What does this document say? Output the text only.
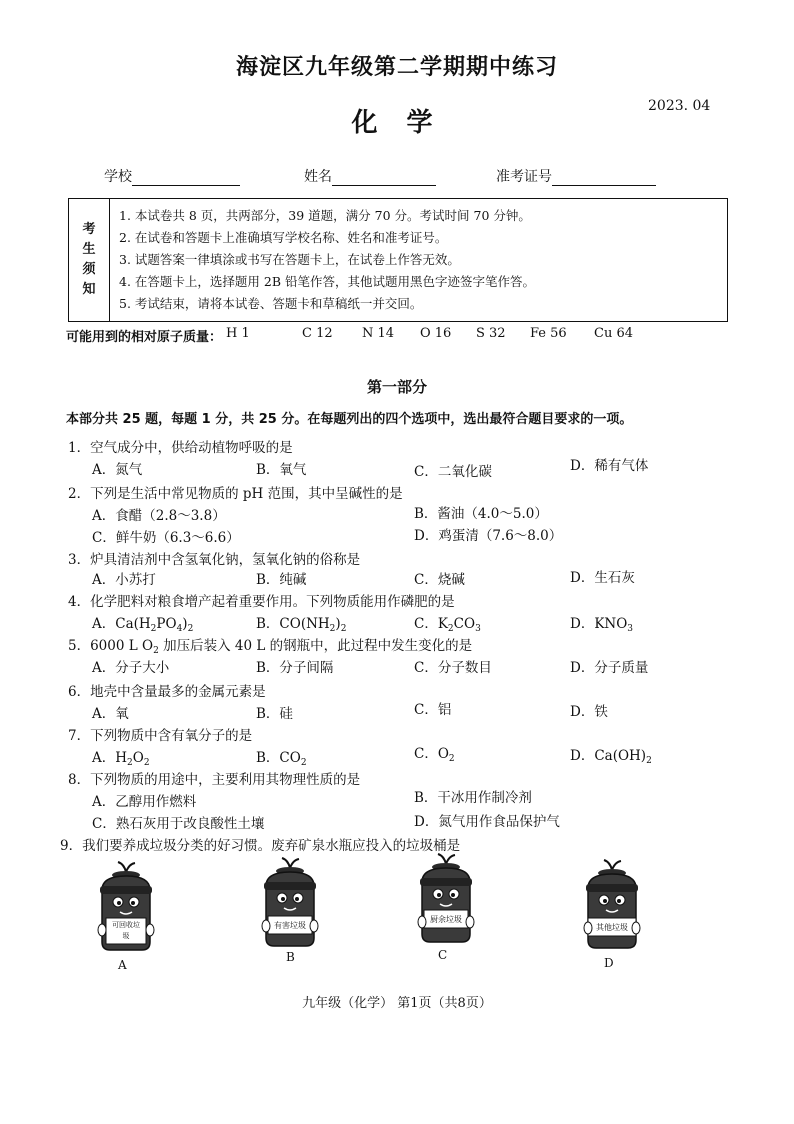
海淀区九年级第二学期期中练习
化 学
2023. 04
学校	姓名	准考证号
考
生
须
知
1. 本试卷共 8 页，共两部分，39 道题，满分 70 分。考试时间 70 分钟。
2. 在试卷和答题卡上准确填写学校名称、姓名和准考证号。
3. 试题答案一律填涂或书写在答题卡上，在试卷上作答无效。
4. 在答题卡上，选择题用 2B 铅笔作答，其他试题用黑色字迹签字笔作答。
5. 考试结束，请将本试卷、答题卡和草稿纸一并交回。
可能用到的相对原子质量： H 1	C 12 N 14 O 16 S 32 Fe 56 Cu 64
第一部分
本部分共 25 题，每题 1 分，共 25 分。在每题列出的四个选项中，选出最符合题目要求的一项。
1．空气成分中，供给动植物呼吸的是
A．氮气	B．氧气	C．二氧化碳	D．稀有气体
2．下列是生活中常见物质的 pH 范围，其中呈碱性的是
A．食醋（2.8～3.8）	B．酱油（4.0～5.0）
C．鲜牛奶（6.3～6.6）	D．鸡蛋清（7.6～8.0）
3．炉具清洁剂中含氢氧化钠，氢氧化钠的俗称是
A．小苏打	B．纯碱	C．烧碱	D．生石灰
4．化学肥料对粮食增产起着重要作用。下列物质能用作磷肥的是
A．$Ca(H_2PO_4)_2$	B．$CO(NH_2)_2$	C．$K_2CO_3$	D．$KNO_3$
5．6000 L $O_2$ 加压后装入 40 L 的钢瓶中，此过程中发生变化的是
A．分子大小	B．分子间隔	C．分子数目	D．分子质量
6．地壳中含量最多的金属元素是
A．氧	B．硅	C．铝	D．铁
7．下列物质中含有氧分子的是
A．$H_2O_2$	B．$CO_2$
C．$O_2$	D．$Ca(OH)_2$
8．下列物质的用途中，主要利用其物理性质的是
A．乙醇用作燃料	B．干冰用作制冷剂
C．熟石灰用于改良酸性土壤	D．氮气用作食品保护气
9．我们要养成垃圾分类的好习惯。废弃矿泉水瓶应投入的垃圾桶是
可回收垃圾
A
有害垃圾
B
厨余垃圾
C
其他垃圾
D
九年级（化学） 第1页（共8页）
